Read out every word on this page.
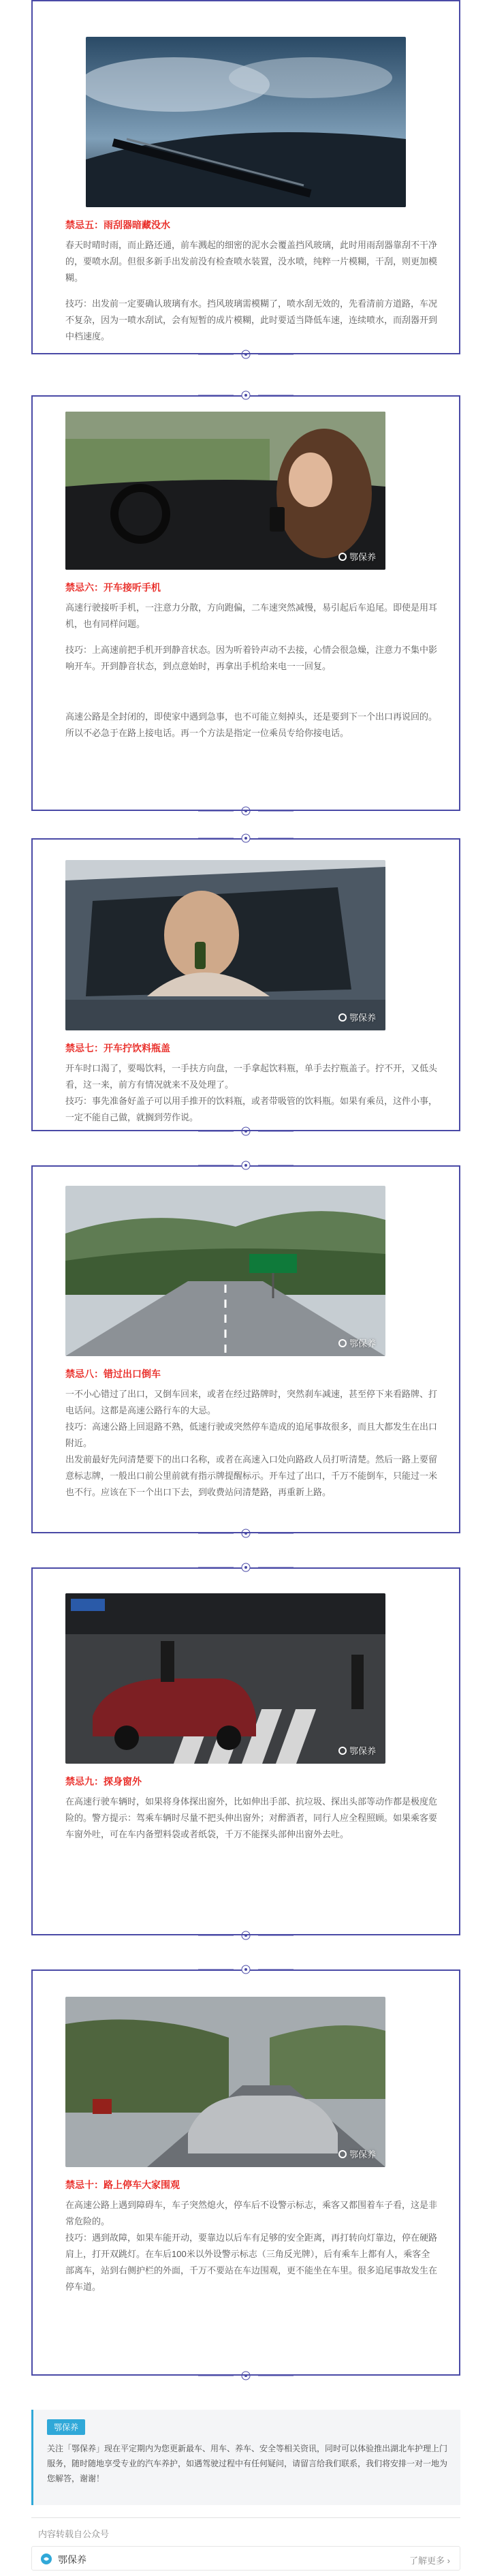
禁忌五：雨刮器暗藏没水
春天时晴时雨，而止路还通，前车溅起的细密的泥水会覆盖挡风玻璃，此时用雨刮器靠刮不干净的，要喷水刮。但很多新手出发前没有检查喷水装置，没水喷，纯粹一片模糊，干刮，则更加模糊。
技巧：出发前一定要确认玻璃有水。挡风玻璃需模糊了，喷水刮无效的，先看清前方道路，车况不复杂，因为一喷水刮试，会有短暂的成片模糊，此时要适当降低车速，连续喷水，而刮器开到中档速度。
鄂保养
禁忌六：开车接听手机
高速行驶接听手机，一注意力分散，方向跑偏，二车速突然减慢，易引起后车追尾。即使是用耳机，也有同样问题。
技巧：上高速前把手机开到静音状态。因为听着铃声动不去接，心情会很急燥，注意力不集中影响开车。开到静音状态，到点意始时，再拿出手机给来电一一回复。
高速公路是全封闭的，即使家中遇到急事，也不可能立刻掉头，还是要到下一个出口再说回的。所以不必急于在路上接电话。再一个方法是指定一位乘员专给你接电话。
鄂保养
禁忌七：开车拧饮料瓶盖
开车时口渴了，要喝饮料，一手扶方向盘，一手拿起饮料瓶，单手去拧瓶盖子。拧不开，又低头看，这一来，前方有情况就来不及处理了。
技巧：事先准备好盖子可以用手推开的饮料瓶，或者带吸管的饮料瓶。如果有乘员，这件小事，一定不能自己做，就搁到劳作说。
鄂保养
禁忌八：错过出口倒车
一不小心错过了出口，又倒车回来，或者在经过路牌时，突然刹车减速，甚至停下来看路牌、打电话问。这都是高速公路行车的大忌。
技巧：高速公路上回退路不熟，低速行驶或突然停车造成的追尾事故很多，而且大都发生在出口附近。
出发前最好先问清楚要下的出口名称，或者在高速入口处向路政人员打听清楚。然后一路上要留意标志牌，一般出口前公里前就有指示牌提醒标示。开车过了出口，千万不能倒车，只能过一米也不行。应该在下一个出口下去，到收费站问清楚路，再重新上路。
鄂保养
禁忌九：探身窗外
在高速行驶车辆时，如果将身体探出窗外，比如伸出手部、抗垃圾、探出头部等动作都是极度危险的。警方提示：驾乘车辆时尽量不把头伸出窗外；对醉酒者，同行人应全程照顾。如果乘客要车窗外吐，可在车内备塑料袋或者纸袋，千万不能探头部伸出窗外去吐。
鄂保养
禁忌十：路上停车大家围观
在高速公路上遇到障碍车，车子突然熄火，停车后不设警示标志，乘客又都围着车子看，这是非常危险的。
技巧：遇到故障，如果车能开动，要靠边以后车有足够的安全距离，再打转向灯靠边，停在硬路肩上，打开双跳灯。在车后100米以外设警示标志（三角反光牌），后有乘车上都有人，乘客全部离车，站到右侧护栏的外面，千万不要站在车边围观，更不能坐在车里。很多追尾事故发生在停车道。
鄂保养
关注「鄂保养」现在平定期内为您更新最车、用车、养车、安全等相关资讯，同时可以体验推出湖北车护理上门服务，随时随地享受专业的汽车养护，如遇驾驶过程中有任何疑问，请留言给我们联系，我们将安排一对一地为您解答，谢谢！
内容转载自公众号
鄂保养	了解更多 ›
